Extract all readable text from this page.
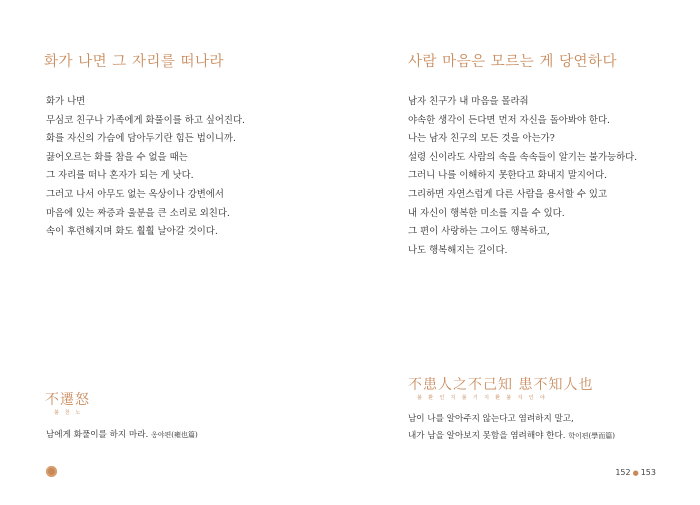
화가 나면 그 자리를 떠나라
화가 나면
무심코 친구나 가족에게 화풀이를 하고 싶어진다.
화를 자신의 가슴에 담아두기란 힘든 법이니까.
끓어오르는 화를 참을 수 없을 때는
그 자리를 떠나 혼자가 되는 게 낫다.
그러고 나서 아무도 없는 옥상이나 강변에서
마음에 있는 짜증과 울분을 큰 소리로 외친다.
속이 후련해지며 화도 훨훨 날아갈 것이다.
不遷怒
불 천 노
남에게 화풀이를 하지 마라. 옹야편(雍也篇)
사람 마음은 모르는 게 당연하다
남자 친구가 내 마음을 몰라줘
야속한 생각이 든다면 먼저 자신을 돌아봐야 한다.
나는 남자 친구의 모든 것을 아는가?
설령 신이라도 사람의 속을 속속들이 알기는 불가능하다.
그러니 나를 이해하지 못한다고 화내지 말지어다.
그리하면 자연스럽게 다른 사람을 용서할 수 있고
내 자신이 행복한 미소를 지을 수 있다.
그 편이 사랑하는 그이도 행복하고,
나도 행복해지는 길이다.
不患人之不己知 患不知人也
불 환 인 지 불 기 지 환 불 지 인 야
남이 나를 알아주지 않는다고 염려하지 말고,
내가 남을 알아보지 못함을 염려해야 한다. 학이편(學而篇)
152 ● 153
